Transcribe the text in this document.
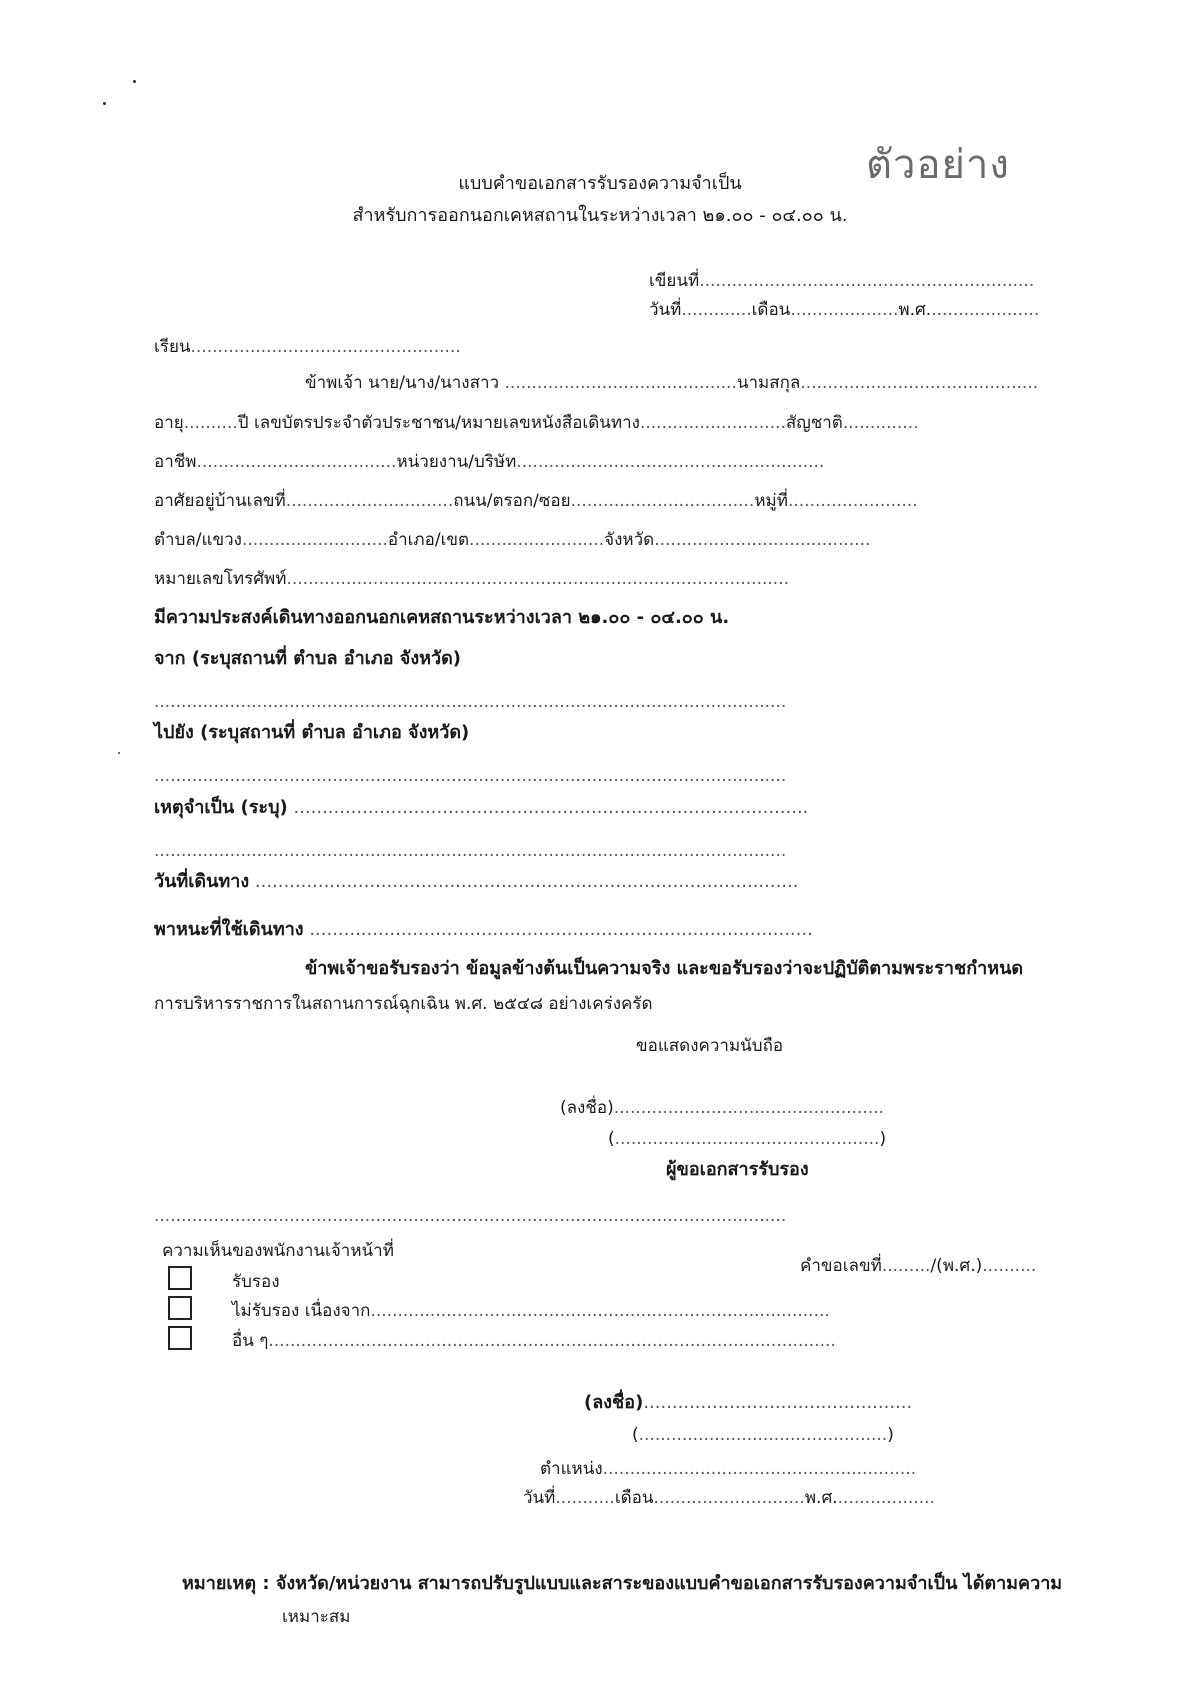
ตัวอย่าง
แบบคำขอเอกสารรับรองความจำเป็น
สำหรับการออกนอกเคหสถานในระหว่างเวลา ๒๑.๐๐ - ๐๔.๐๐ น.
เขียนที่..............................................................
วันที่.............เดือน....................พ.ศ.....................
เรียน..................................................
ข้าพเจ้า นาย/นาง/นางสาว ...........................................นามสกุล............................................
อายุ..........ปี เลขบัตรประจำตัวประชาชน/หมายเลขหนังสือเดินทาง...........................สัญชาติ..............
อาชีพ.....................................หน่วยงาน/บริษัท.........................................................
อาศัยอยู่บ้านเลขที่...............................ถนน/ตรอก/ซอย..................................หมู่ที่........................
ตำบล/แขวง...........................อำเภอ/เขต.........................จังหวัด........................................
หมายเลขโทรศัพท์.............................................................................................
มีความประสงค์เดินทางออกนอกเคหสถานระหว่างเวลา ๒๑.๐๐ - ๐๔.๐๐ น.
จาก (ระบุสถานที่ ตำบล อำเภอ จังหวัด)
.....................................................................................................................
ไปยัง (ระบุสถานที่ ตำบล อำเภอ จังหวัด)
.....................................................................................................................
เหตุจำเป็น (ระบุ) ..........................................................................................
.....................................................................................................................
วันที่เดินทาง ...............................................................................................
พาหนะที่ใช้เดินทาง ........................................................................................
ข้าพเจ้าขอรับรองว่า ข้อมูลข้างต้นเป็นความจริง และขอรับรองว่าจะปฏิบัติตามพระราชกำหนด
การบริหารราชการในสถานการณ์ฉุกเฉิน พ.ศ. ๒๕๔๘ อย่างเคร่งครัด
ขอแสดงความนับถือ
(ลงชื่อ)..................................................
(.................................................)
ผู้ขอเอกสารรับรอง
.....................................................................................................................
ความเห็นของพนักงานเจ้าหน้าที่
คำขอเลขที่........./(พ.ศ.)..........
รับรอง
ไม่รับรอง เนื่องจาก.....................................................................................
อื่น ๆ.........................................................................................................
(ลงชื่อ)...............................................
(..............................................)
ตำแหน่ง..........................................................
วันที่...........เดือน............................พ.ศ...................
หมายเหตุ : จังหวัด/หน่วยงาน สามารถปรับรูปแบบและสาระของแบบคำขอเอกสารรับรองความจำเป็น ได้ตามความ
เหมาะสม
